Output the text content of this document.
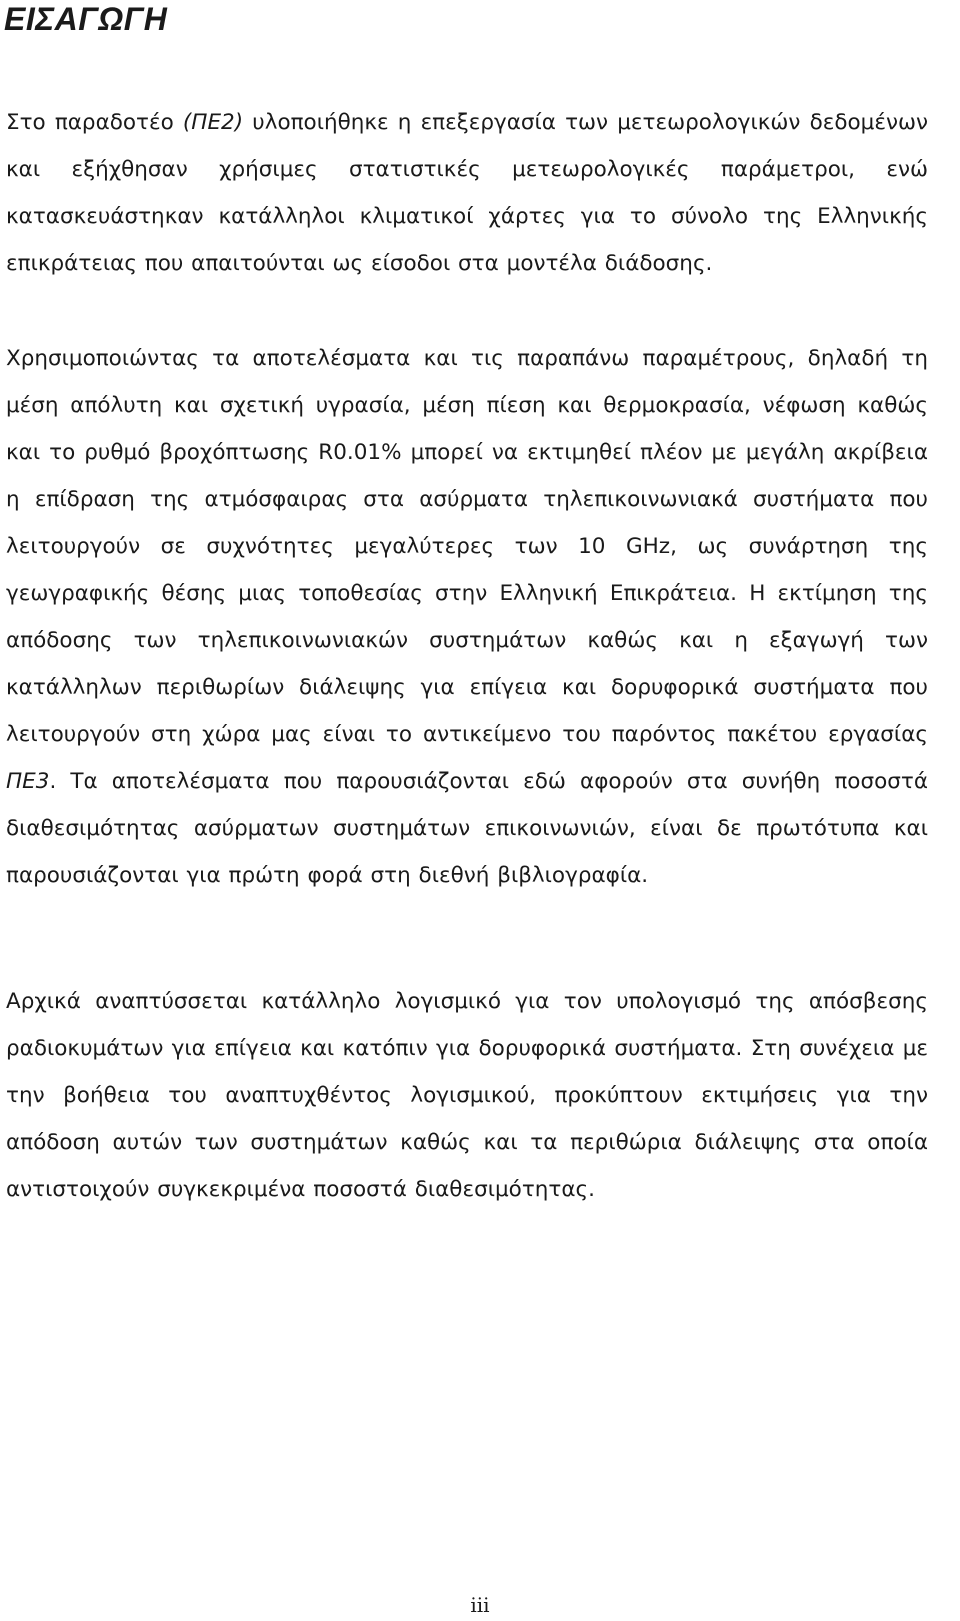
ΕΙΣΑΓΩΓΗ

Στο παραδοτέο (ΠΕ2) υλοποιήθηκε η επεξεργασία των μετεωρολογικών δεδομένων και εξήχθησαν χρήσιμες στατιστικές μετεωρολογικές παράμετροι, ενώ κατασκευάστηκαν κατάλληλοι κλιματικοί χάρτες για το σύνολο της Ελληνικής επικράτειας που απαιτούνται ως είσοδοι στα μοντέλα διάδοσης.

Χρησιμοποιώντας τα αποτελέσματα και τις παραπάνω παραμέτρους, δηλαδή τη μέση απόλυτη και σχετική υγρασία, μέση πίεση και θερμοκρασία, νέφωση καθώς και το ρυθμό βροχόπτωσης R0.01% μπορεί να εκτιμηθεί πλέον με μεγάλη ακρίβεια η επίδραση της ατμόσφαιρας στα ασύρματα τηλεπικοινωνιακά συστήματα που λειτουργούν σε συχνότητες μεγαλύτερες των 10 GHz, ως συνάρτηση της γεωγραφικής θέσης μιας τοποθεσίας στην Ελληνική Επικράτεια. Η εκτίμηση της απόδοσης των τηλεπικοινωνιακών συστημάτων καθώς και η εξαγωγή των κατάλληλων περιθωρίων διάλειψης για επίγεια και δορυφορικά συστήματα που λειτουργούν στη χώρα μας είναι το αντικείμενο του παρόντος πακέτου εργασίας ΠΕ3. Τα αποτελέσματα που παρουσιάζονται εδώ αφορούν στα συνήθη ποσοστά διαθεσιμότητας ασύρματων συστημάτων επικοινωνιών, είναι δε πρωτότυπα και παρουσιάζονται για πρώτη φορά στη διεθνή βιβλιογραφία.

Αρχικά αναπτύσσεται κατάλληλο λογισμικό για τον υπολογισμό της απόσβεσης ραδιοκυμάτων για επίγεια και κατόπιν για δορυφορικά συστήματα. Στη συνέχεια με την βοήθεια του αναπτυχθέντος λογισμικού, προκύπτουν εκτιμήσεις για την απόδοση αυτών των συστημάτων καθώς και τα περιθώρια διάλειψης στα οποία αντιστοιχούν συγκεκριμένα ποσοστά διαθεσιμότητας.

iii
